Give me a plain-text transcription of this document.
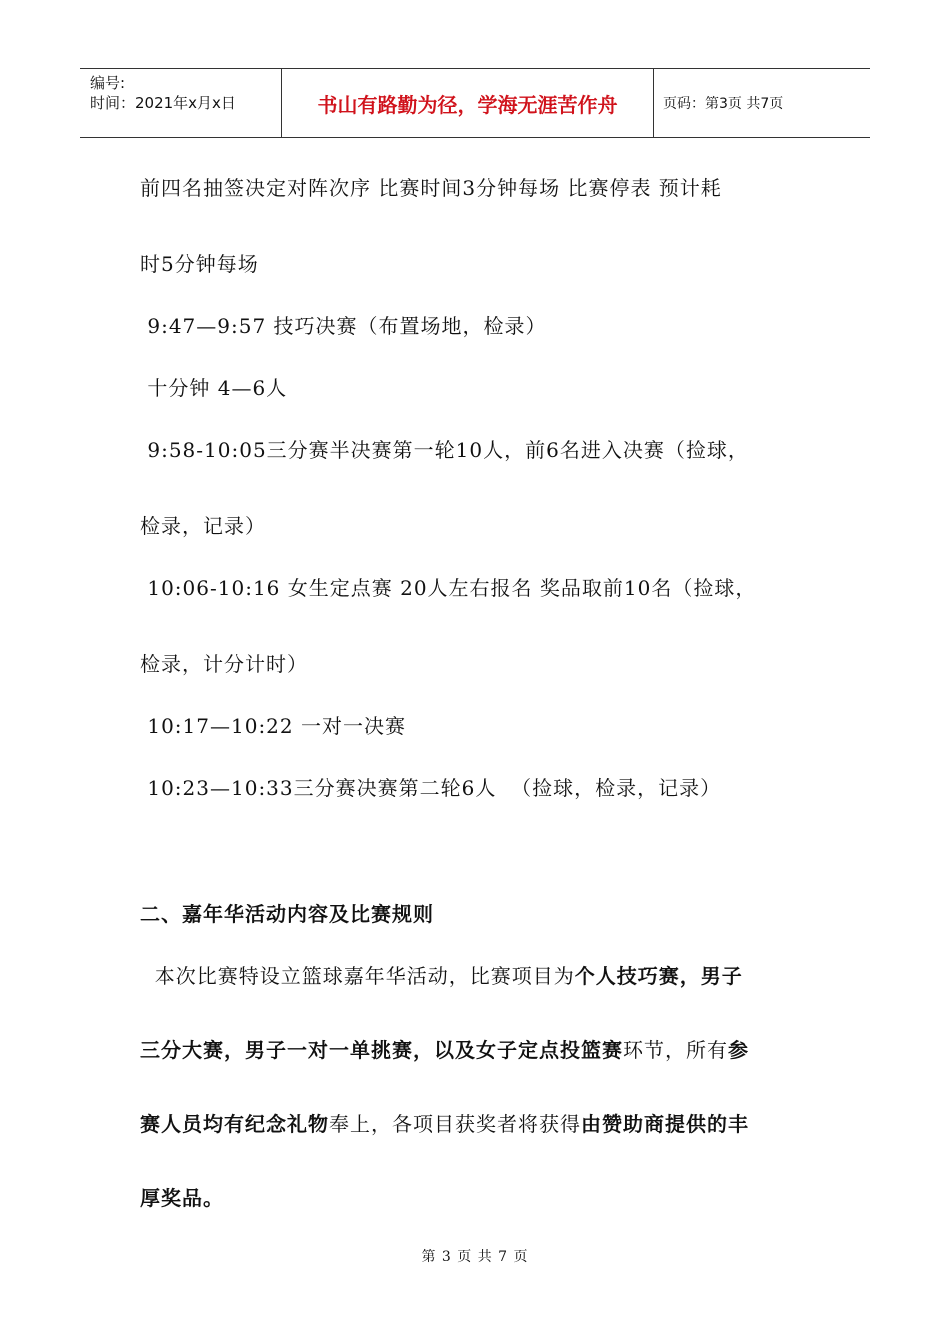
编号:
时间：2021年x月x日	书山有路勤为径，学海无涯苦作舟	页码：第3页 共7页
前四名抽签决定对阵次序 比赛时间3分钟每场 比赛停表 预计耗
时5分钟每场
9:47—9:57 技巧决赛（布置场地，检录）
十分钟 4—6人
9:58-10:05三分赛半决赛第一轮10人，前6名进入决赛（捡球，
检录，记录）
10:06-10:16 女生定点赛 20人左右报名 奖品取前10名（捡球，
检录，计分计时）
10:17—10:22 一对一决赛
10:23—10:33三分赛决赛第二轮6人  （捡球，检录，记录）
二、嘉年华活动内容及比赛规则
本次比赛特设立篮球嘉年华活动，比赛项目为个人技巧赛，男子
三分大赛，男子一对一单挑赛，以及女子定点投篮赛环节，所有参
赛人员均有纪念礼物奉上，各项目获奖者将获得由赞助商提供的丰
厚奖品。
第 3 页 共 7 页
